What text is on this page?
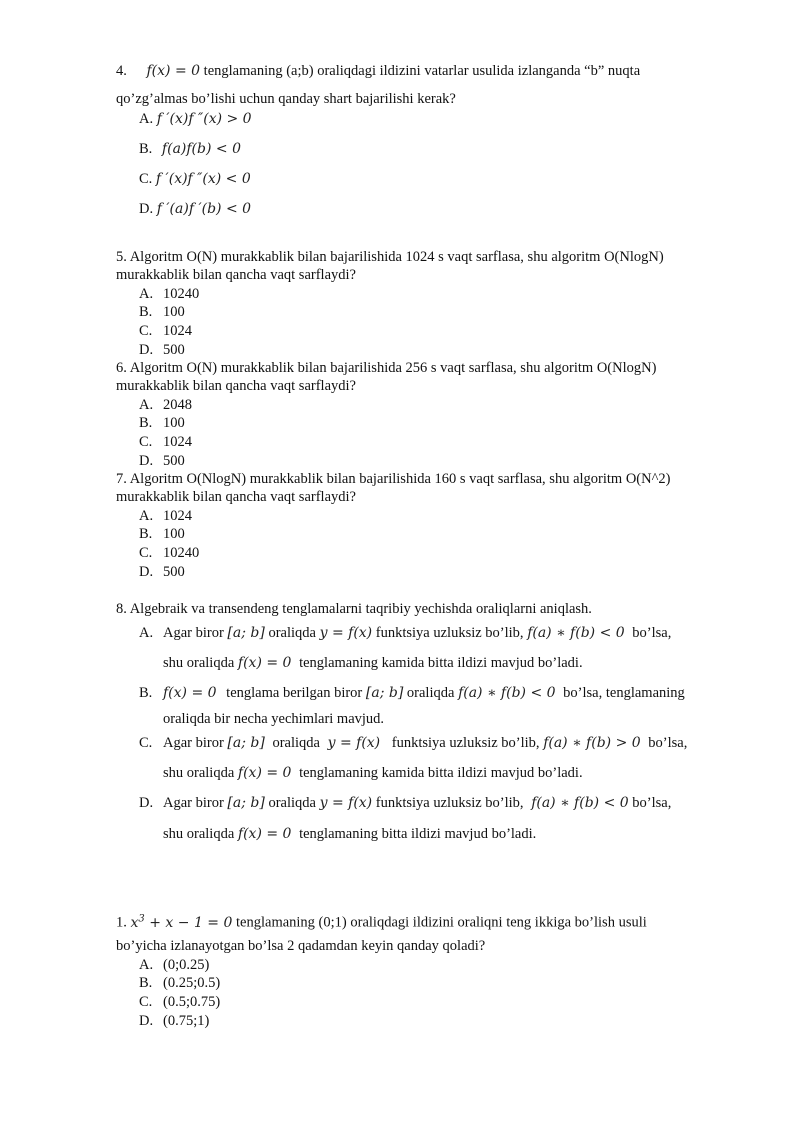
4. f(x) = 0 tenglamaning (a;b) oraliqdagi ildizini vatarlar usulida izlanganda “b” nuqta
qo’zg’almas bo’lishi uchun qanday shart bajarilishi kerak?
A. f ′(x)f ″(x) > 0
B. f(a)f(b) < 0
C. f ′(x)f ″(x) < 0
D. f ′(a)f ′(b) < 0
5. Algoritm O(N) murakkablik bilan bajarilishida 1024 s vaqt sarflasa, shu algoritm O(NlogN)
murakkablik bilan qancha vaqt sarflaydi?
A. 10240
B. 100
C. 1024
D. 500
6. Algoritm O(N) murakkablik bilan bajarilishida 256 s vaqt sarflasa, shu algoritm O(NlogN)
murakkablik bilan qancha vaqt sarflaydi?
A. 2048
B. 100
C. 1024
D. 500
7. Algoritm O(NlogN) murakkablik bilan bajarilishida 160 s vaqt sarflasa, shu algoritm O(N^2)
murakkablik bilan qancha vaqt sarflaydi?
A. 1024
B. 100
C. 10240
D. 500
8. Algebraik va transendeng tenglamalarni taqribiy yechishda oraliqlarni aniqlash.
A. Agar biror [a; b] oraliqda y = f(x) funktsiya uzluksiz bo’lib, f(a) ∗ f(b) < 0 bo’lsa,
shu oraliqda f(x) = 0 tenglamaning kamida bitta ildizi mavjud bo’ladi.
B. f(x) = 0 tenglama berilgan biror [a; b] oraliqda f(a) ∗ f(b) < 0 bo’lsa, tenglamaning
oraliqda bir necha yechimlari mavjud.
C. Agar biror [a; b] oraliqda y = f(x) funktsiya uzluksiz bo’lib, f(a) ∗ f(b) > 0 bo’lsa,
shu oraliqda f(x) = 0 tenglamaning kamida bitta ildizi mavjud bo’ladi.
D. Agar biror [a; b] oraliqda y = f(x) funktsiya uzluksiz bo’lib, f(a) ∗ f(b) < 0 bo’lsa,
shu oraliqda f(x) = 0 tenglamaning bitta ildizi mavjud bo’ladi.
1. $x^3 + x - 1 = 0$ tenglamaning (0;1) oraliqdagi ildizini oraliqni teng ikkiga bo’lish usuli
bo’yicha izlanayotgan bo’lsa 2 qadamdan keyin qanday qoladi?
A. (0;0.25)
B. (0.25;0.5)
C. (0.5;0.75)
D. (0.75;1)
